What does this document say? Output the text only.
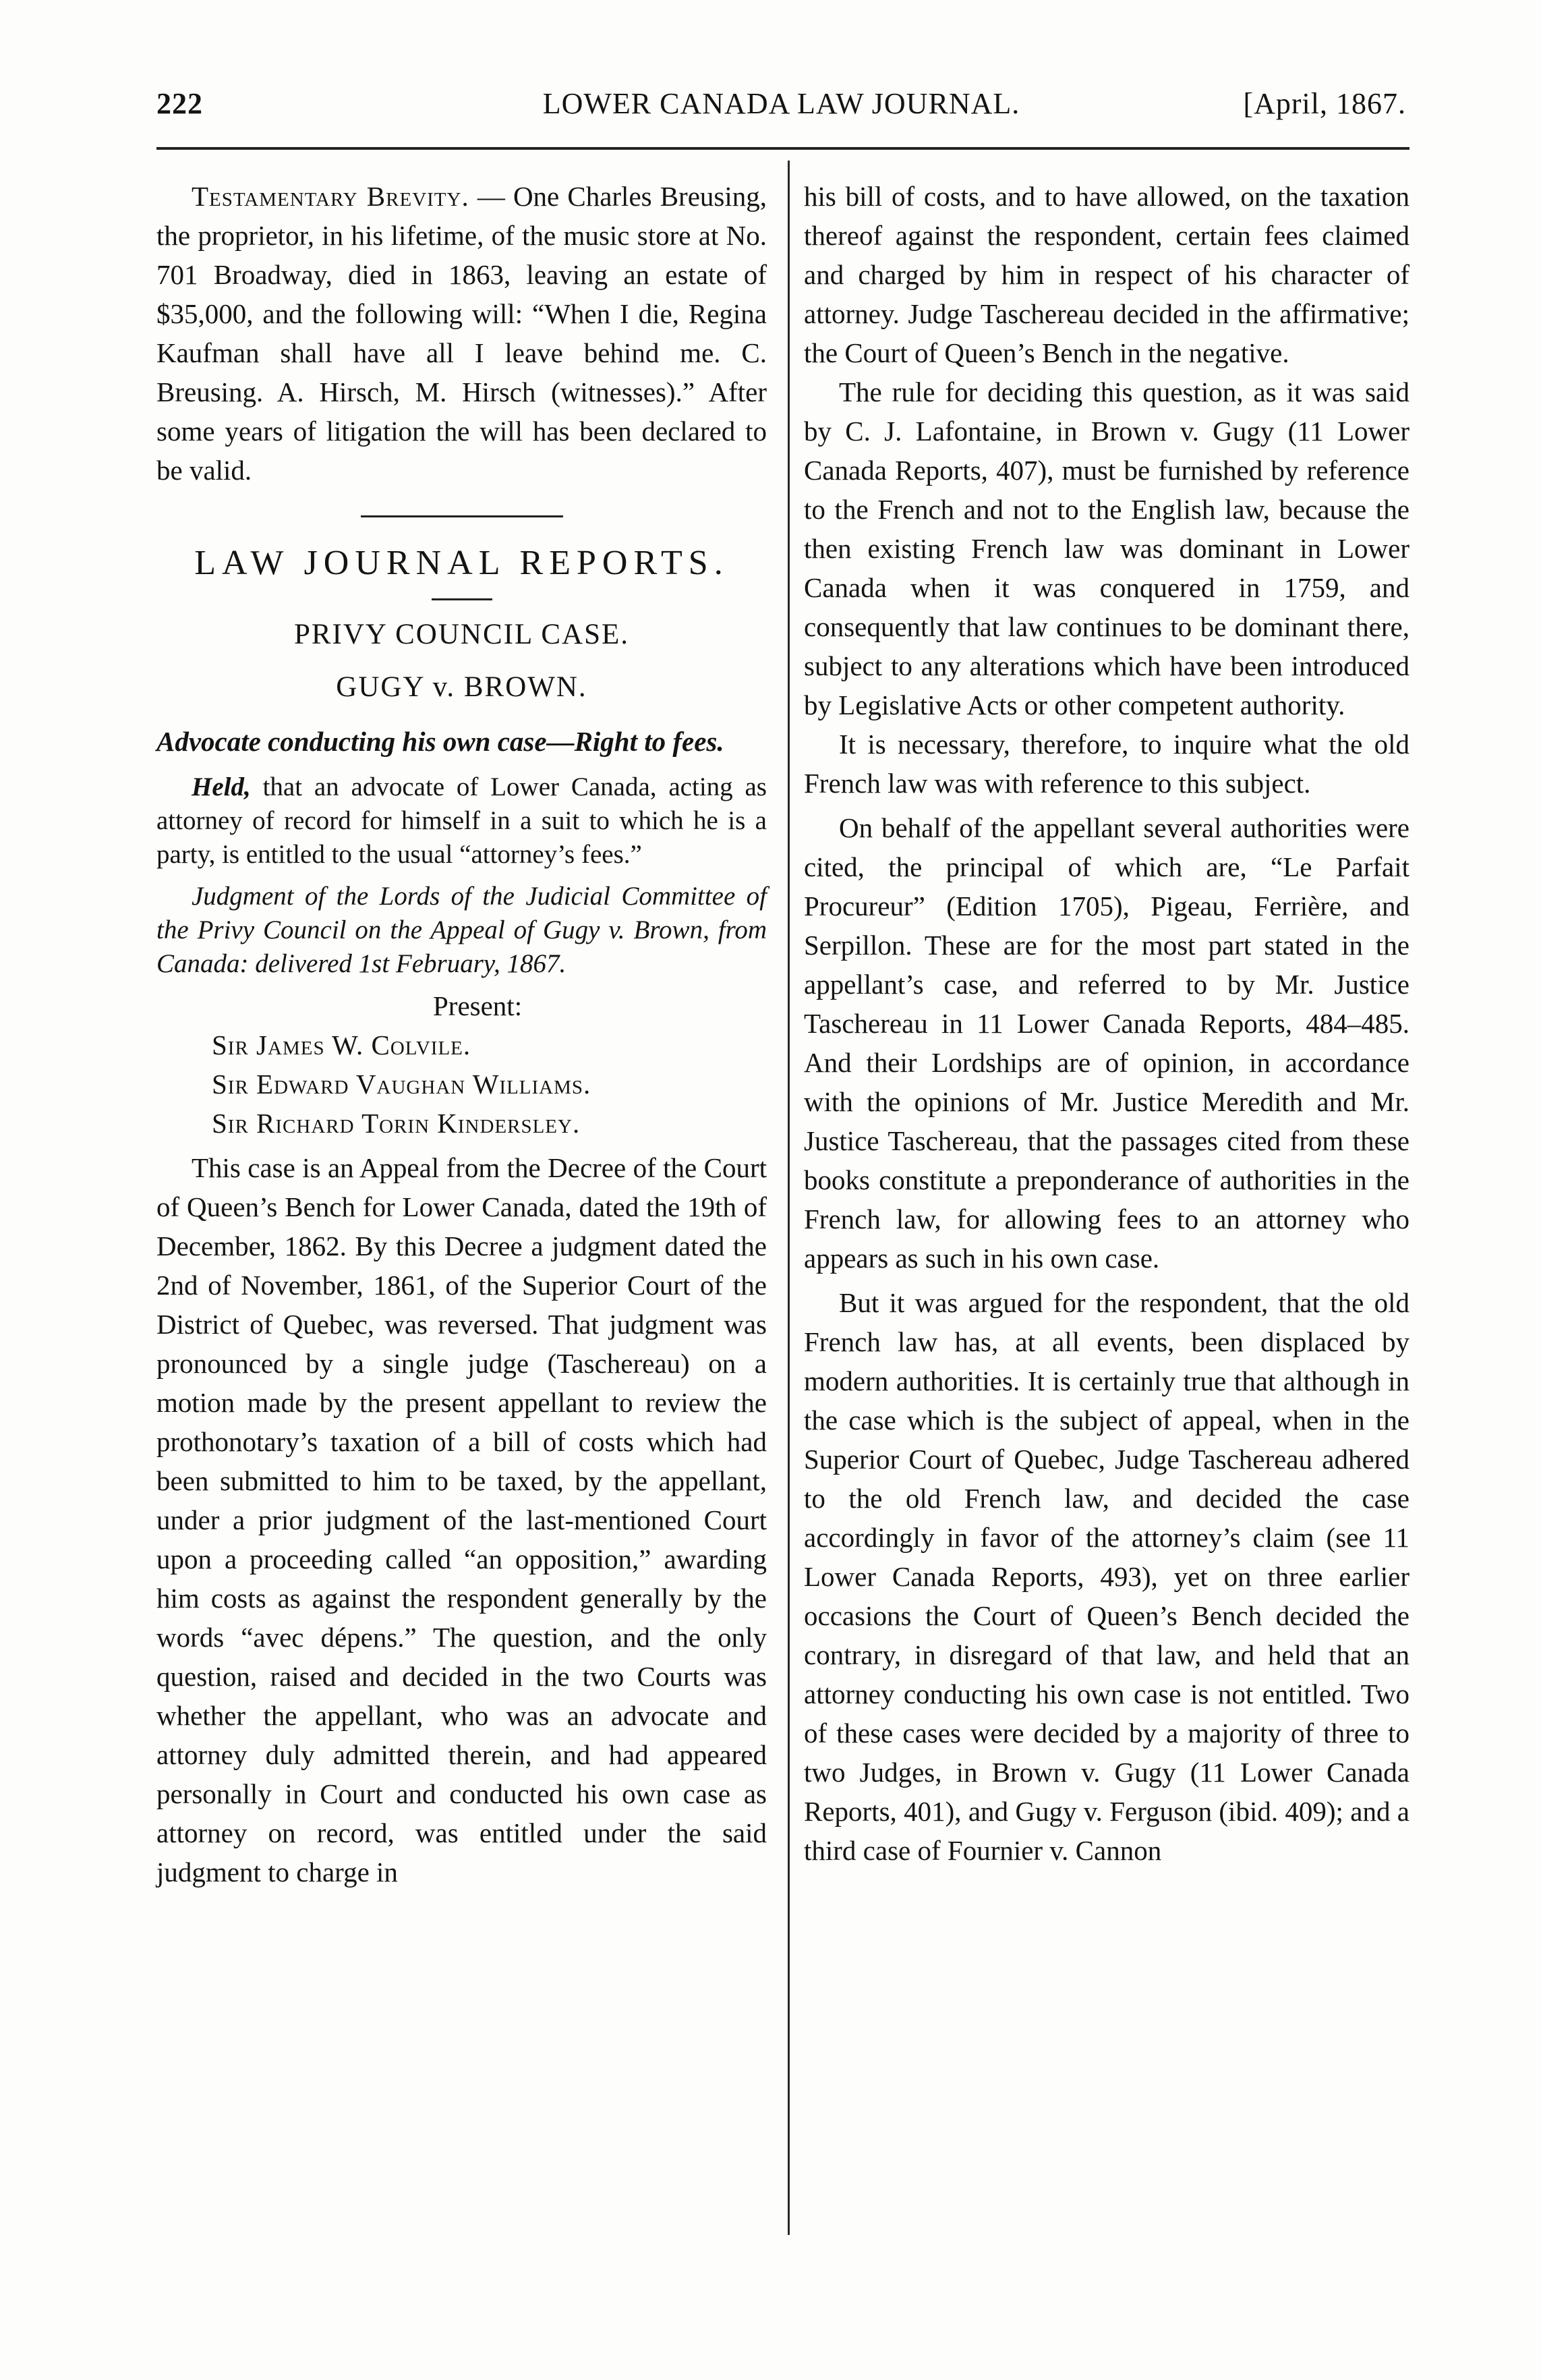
222	LOWER CANADA LAW JOURNAL.	[April, 1867.

Testamentary Brevity. — One Charles Breusing, the proprietor, in his lifetime, of the music store at No. 701 Broadway, died in 1863, leaving an estate of $35,000, and the following will: “When I die, Regina Kaufman shall have all I leave behind me. C. Breusing. A. Hirsch, M. Hirsch (witnesses).” After some years of litigation the will has been declared to be valid.

LAW JOURNAL REPORTS.
PRIVY COUNCIL CASE.
GUGY v. BROWN.

Advocate conducting his own case—Right to fees.

Held, that an advocate of Lower Canada, acting as attorney of record for himself in a suit to which he is a party, is entitled to the usual “attorney’s fees.”

Judgment of the Lords of the Judicial Committee of the Privy Council on the Appeal of Gugy v. Brown, from Canada: delivered 1st February, 1867.

Present:

Sir James W. Colvile.

Sir Edward Vaughan Williams.

Sir Richard Torin Kindersley.

This case is an Appeal from the Decree of the Court of Queen’s Bench for Lower Canada, dated the 19th of December, 1862. By this Decree a judgment dated the 2nd of November, 1861, of the Superior Court of the District of Quebec, was reversed. That judgment was pronounced by a single judge (Taschereau) on a motion made by the present appellant to review the prothonotary’s taxation of a bill of costs which had been submitted to him to be taxed, by the appellant, under a prior judgment of the last-mentioned Court upon a proceeding called “an opposition,” awarding him costs as against the respondent generally by the words “avec dépens.” The question, and the only question, raised and decided in the two Courts was whether the appellant, who was an advocate and attorney duly admitted therein, and had appeared personally in Court and conducted his own case as attorney on record, was entitled under the said judgment to charge in

his bill of costs, and to have allowed, on the taxation thereof against the respondent, certain fees claimed and charged by him in respect of his character of attorney. Judge Taschereau decided in the affirmative; the Court of Queen’s Bench in the negative.

The rule for deciding this question, as it was said by C. J. Lafontaine, in Brown v. Gugy (11 Lower Canada Reports, 407), must be furnished by reference to the French and not to the English law, because the then existing French law was dominant in Lower Canada when it was conquered in 1759, and consequently that law continues to be dominant there, subject to any alterations which have been introduced by Legislative Acts or other competent authority.

It is necessary, therefore, to inquire what the old French law was with reference to this subject.

On behalf of the appellant several authorities were cited, the principal of which are, “Le Parfait Procureur” (Edition 1705), Pigeau, Ferrière, and Serpillon. These are for the most part stated in the appellant’s case, and referred to by Mr. Justice Taschereau in 11 Lower Canada Reports, 484–485. And their Lordships are of opinion, in accordance with the opinions of Mr. Justice Meredith and Mr. Justice Taschereau, that the passages cited from these books constitute a preponderance of authorities in the French law, for allowing fees to an attorney who appears as such in his own case.

But it was argued for the respondent, that the old French law has, at all events, been displaced by modern authorities. It is certainly true that although in the case which is the subject of appeal, when in the Superior Court of Quebec, Judge Taschereau adhered to the old French law, and decided the case accordingly in favor of the attorney’s claim (see 11 Lower Canada Reports, 493), yet on three earlier occasions the Court of Queen’s Bench decided the contrary, in disregard of that law, and held that an attorney conducting his own case is not entitled. Two of these cases were decided by a majority of three to two Judges, in Brown v. Gugy (11 Lower Canada Reports, 401), and Gugy v. Ferguson (ibid. 409); and a third case of Fournier v. Cannon
